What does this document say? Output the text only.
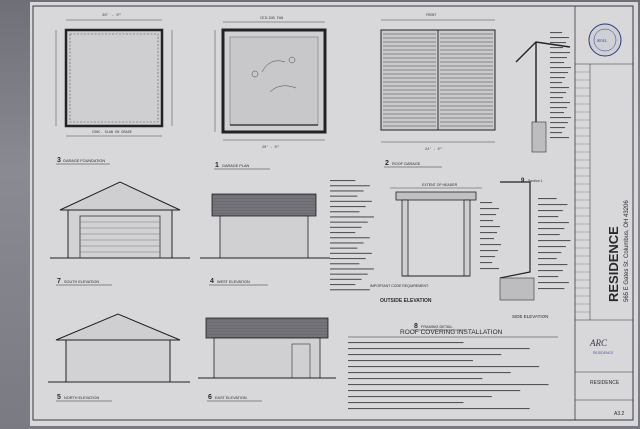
20' - 0"
CONC. SLAB ON GRADE
3 GARAGE FOUNDATION
CEILING FAN
20' - 0"
1 GARAGE PLAN
FRONT
24' - 0"
2 ROOF GARAGE
7 SOUTH ELEVATION	4 WEST ELEVATION
EXTENT OF HEADER
OUTSIDE ELEVATION
IMPORTANT CODE REQUIREMENT:
8 FRAMING DETAIL
SIDE ELEVATION
9 Section 1
5 NORTH ELEVATION	6 EAST ELEVATION
ROOF COVERING INSTALLATION
SEAL
ARC
RESIDENCE
RESIDENCE
A3.2
RESIDENCE 565 E Gates St. Columbus, OH 43206
